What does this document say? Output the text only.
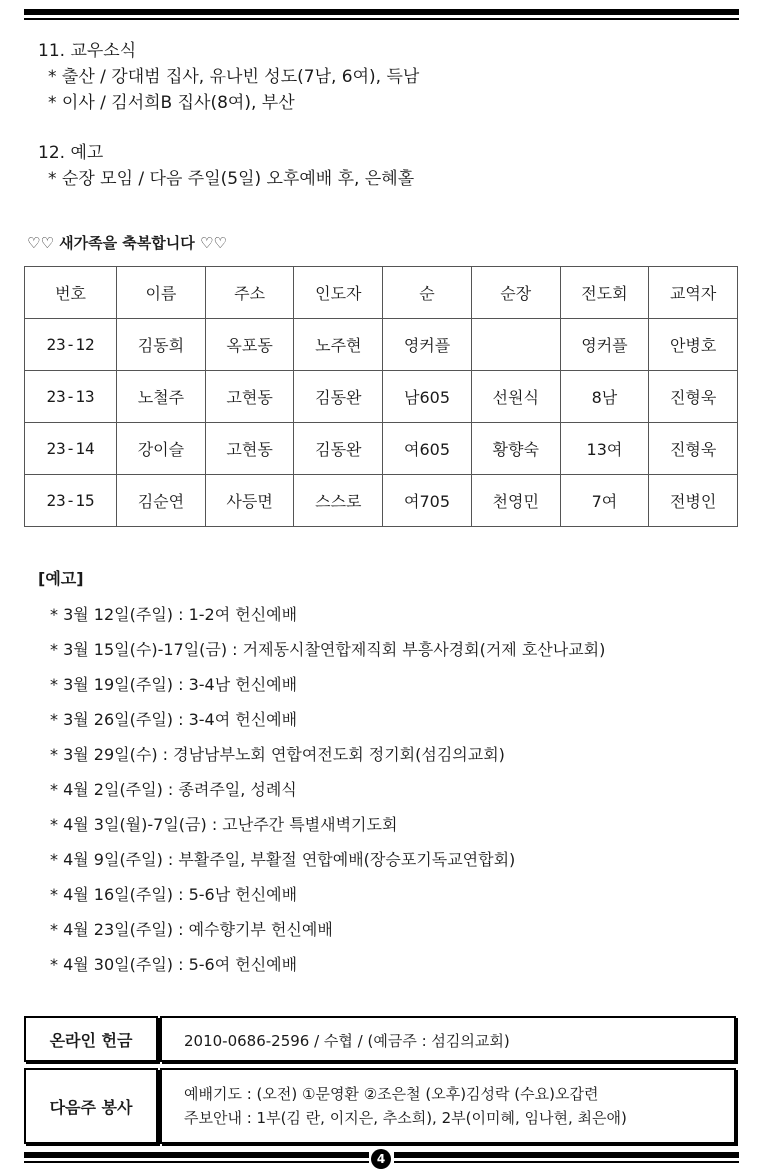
11. 교우소식

* 출산 / 강대범 집사, 유나빈 성도(7남, 6여), 득남

* 이사 / 김서희B 집사(8여), 부산

12. 예고

* 순장 모임 / 다음 주일(5일) 오후예배 후, 은혜홀

♡♡ 새가족을 축복합니다 ♡♡
번호	이름	주소	인도자	순	순장	전도회	교역자
23-12	김동희	옥포동	노주현	영커플		영커플	안병호
23-13	노철주	고현동	김동완	남605	선원식	8남	진형욱
23-14	강이슬	고현동	김동완	여605	황향숙	13여	진형욱
23-15	김순연	사등면	스스로	여705	천영민	7여	전병인
[예고]
* 3월 12일(주일) : 1-2여 헌신예배
* 3월 15일(수)-17일(금) : 거제동시찰연합제직회 부흥사경회(거제 호산나교회)
* 3월 19일(주일) : 3-4남 헌신예배
* 3월 26일(주일) : 3-4여 헌신예배
* 3월 29일(수) : 경남남부노회 연합여전도회 정기회(섬김의교회)
* 4월 2일(주일) : 종려주일, 성례식
* 4월 3일(월)-7일(금) : 고난주간 특별새벽기도회
* 4월 9일(주일) : 부활주일, 부활절 연합예배(장승포기독교연합회)
* 4월 16일(주일) : 5-6남 헌신예배
* 4월 23일(주일) : 예수향기부 헌신예배
* 4월 30일(주일) : 5-6여 헌신예배
온라인 헌금	2010-0686-2596 / 수협 / (예금주 : 섬김의교회)
다음주 봉사
예배기도 : (오전) ①문영환 ②조은철 (오후)김성락 (수요)오갑련
주보안내 : 1부(김 란, 이지은, 추소희), 2부(이미혜, 임나현, 최은애)
4
